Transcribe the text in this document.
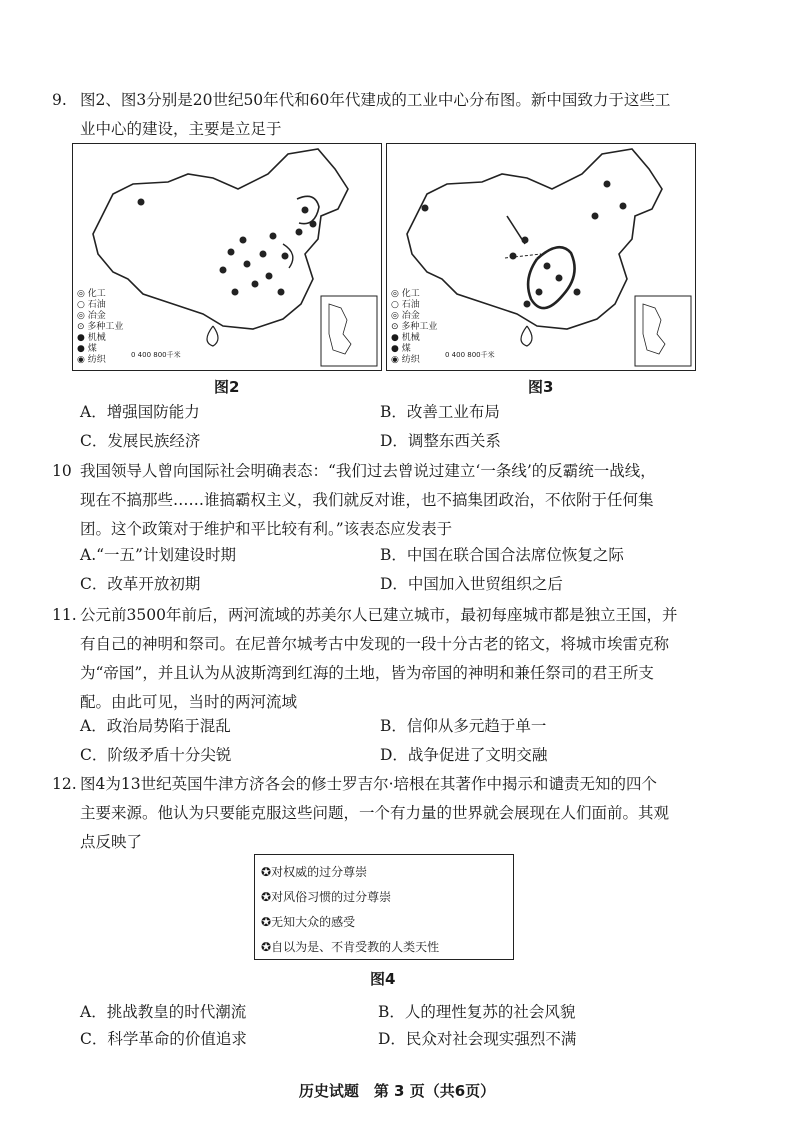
9. 图2、图3分别是20世纪50年代和60年代建成的工业中心分布图。新中国致力于这些工
业中心的建设，主要是立足于
◎ 化工
○ 石油
◎ 冶金
⊙ 多种工业
● 机械
● 煤
◉ 纺织	0 400 800千米
◎ 化工
○ 石油
◎ 冶金
⊙ 多种工业
● 机械
● 煤
◉ 纺织	0 400 800千米
图2	图3
A．增强国防能力	B．改善工业布局
C．发展民族经济	D．调整东西关系
10 我国领导人曾向国际社会明确表态：“我们过去曾说过建立‘一条线’的反霸统一战线，
现在不搞那些……谁搞霸权主义，我们就反对谁，也不搞集团政治，不依附于任何集
团。这个政策对于维护和平比较有利。”该表态应发表于
A.“一五”计划建设时期	B．中国在联合国合法席位恢复之际
C．改革开放初期	D．中国加入世贸组织之后
11. 公元前3500年前后，两河流域的苏美尔人已建立城市，最初每座城市都是独立王国，并
有自己的神明和祭司。在尼普尔城考古中发现的一段十分古老的铭文，将城市埃雷克称
为“帝国”，并且认为从波斯湾到红海的土地，皆为帝国的神明和兼任祭司的君王所支
配。由此可见，当时的两河流域
A．政治局势陷于混乱	B．信仰从多元趋于单一
C．阶级矛盾十分尖锐	D．战争促进了文明交融
12. 图4为13世纪英国牛津方济各会的修士罗吉尔·培根在其著作中揭示和谴责无知的四个
主要来源。他认为只要能克服这些问题，一个有力量的世界就会展现在人们面前。其观
点反映了
✪对权威的过分尊崇
✪对风俗习惯的过分尊崇
✪无知大众的感受
✪自以为是、不肯受教的人类天性
图4
A．挑战教皇的时代潮流	B．人的理性复苏的社会风貌
C．科学革命的价值追求	D．民众对社会现实强烈不满
历史试题　第 3 页（共6页）
